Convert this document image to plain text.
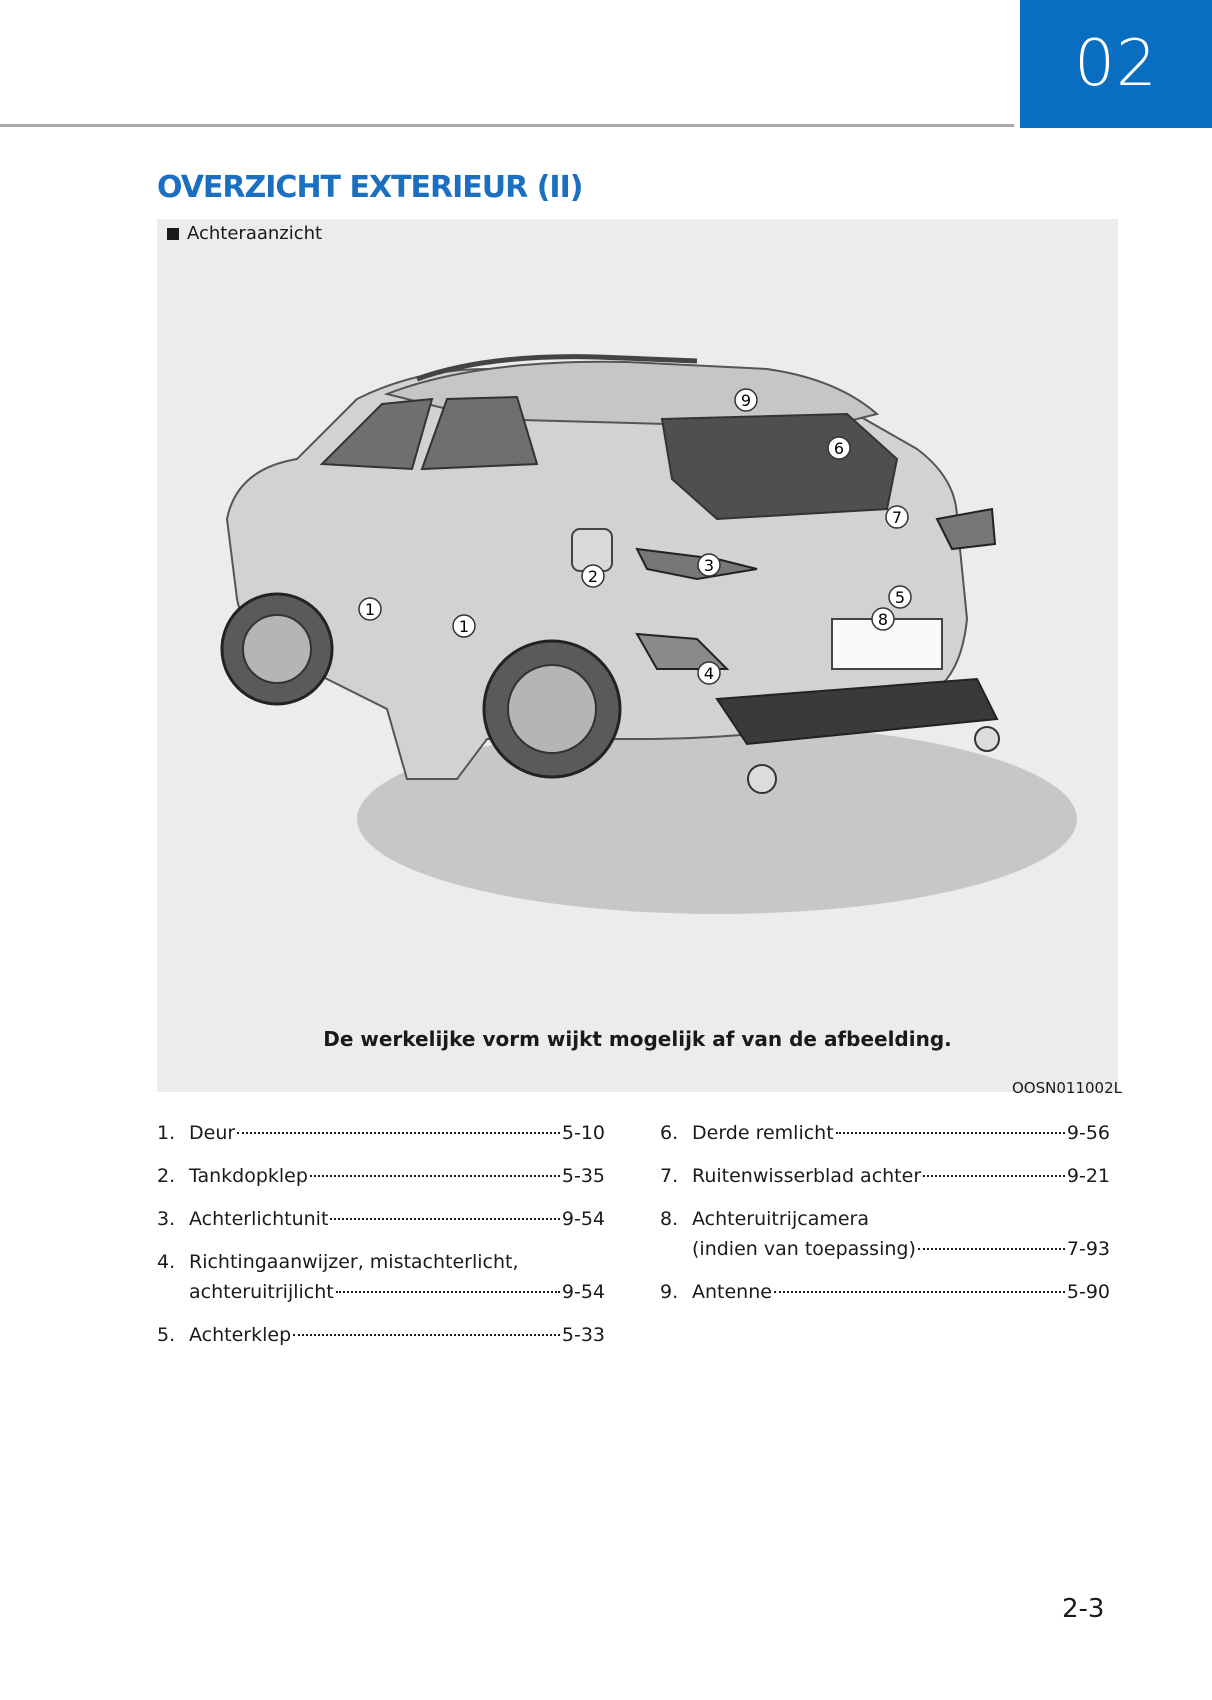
02
OVERZICHT EXTERIEUR (II)
Achteraanzicht
1
1
2
3
4
5
6
7
8
9
De werkelijke vorm wijkt mogelijk af van de afbeelding.
OOSN011002L
1. Deur	5-10
2. Tankdopklep	5-35
3. Achterlichtunit	9-54
4. Richtingaanwijzer, mistachterlicht,
achteruitrijlicht	9-54
5. Achterklep	5-33
6. Derde remlicht	9-56
7. Ruitenwisserblad achter	9-21
8. Achteruitrijcamera
(indien van toepassing)	7-93
9. Antenne	5-90
2-3
